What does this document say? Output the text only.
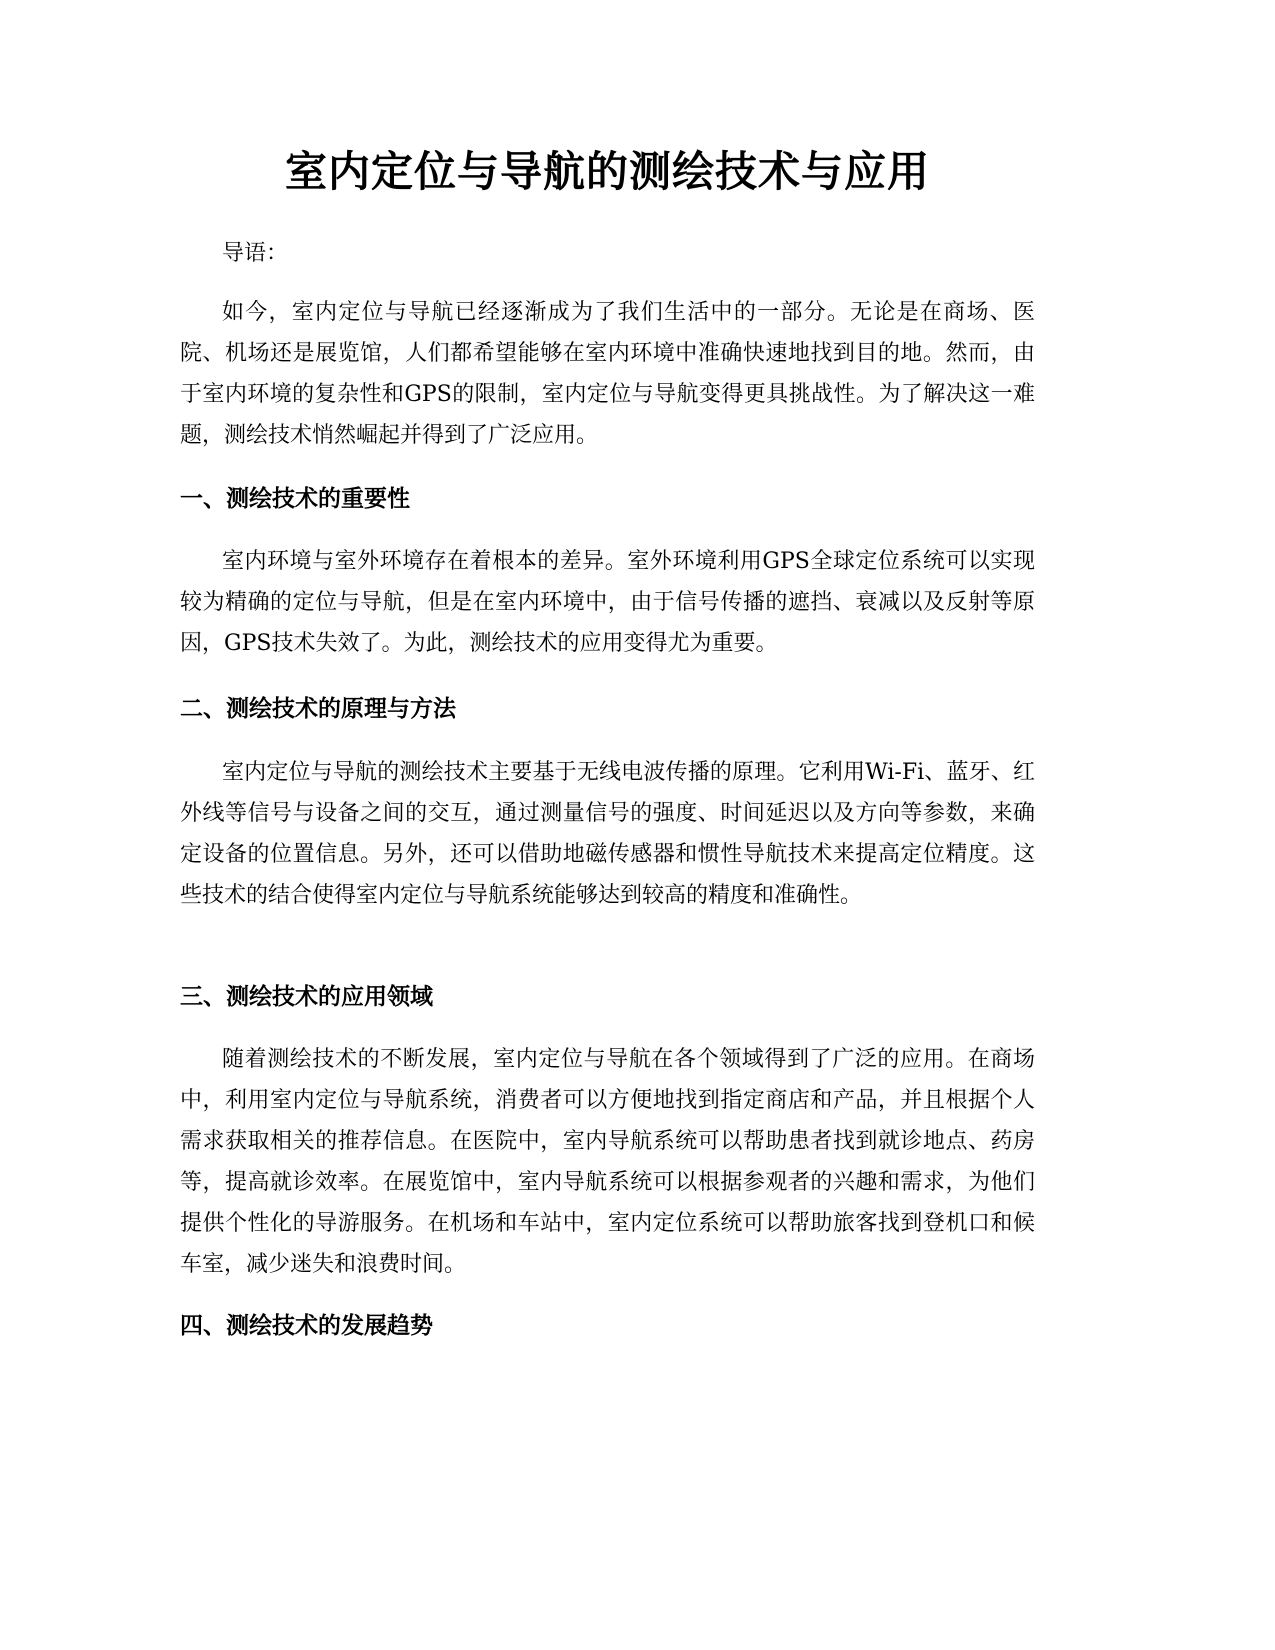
室内定位与导航的测绘技术与应用

导语：

如今，室内定位与导航已经逐渐成为了我们生活中的一部分。无论是在商场、医院、机场还是展览馆，人们都希望能够在室内环境中准确快速地找到目的地。然而，由于室内环境的复杂性和GPS的限制，室内定位与导航变得更具挑战性。为了解决这一难题，测绘技术悄然崛起并得到了广泛应用。

一、测绘技术的重要性

室内环境与室外环境存在着根本的差异。室外环境利用GPS全球定位系统可以实现较为精确的定位与导航，但是在室内环境中，由于信号传播的遮挡、衰减以及反射等原因，GPS技术失效了。为此，测绘技术的应用变得尤为重要。

二、测绘技术的原理与方法

室内定位与导航的测绘技术主要基于无线电波传播的原理。它利用Wi-Fi、蓝牙、红外线等信号与设备之间的交互，通过测量信号的强度、时间延迟以及方向等参数，来确定设备的位置信息。另外，还可以借助地磁传感器和惯性导航技术来提高定位精度。这些技术的结合使得室内定位与导航系统能够达到较高的精度和准确性。

三、测绘技术的应用领域

随着测绘技术的不断发展，室内定位与导航在各个领域得到了广泛的应用。在商场中，利用室内定位与导航系统，消费者可以方便地找到指定商店和产品，并且根据个人需求获取相关的推荐信息。在医院中，室内导航系统可以帮助患者找到就诊地点、药房等，提高就诊效率。在展览馆中，室内导航系统可以根据参观者的兴趣和需求，为他们提供个性化的导游服务。在机场和车站中，室内定位系统可以帮助旅客找到登机口和候车室，减少迷失和浪费时间。

四、测绘技术的发展趋势
